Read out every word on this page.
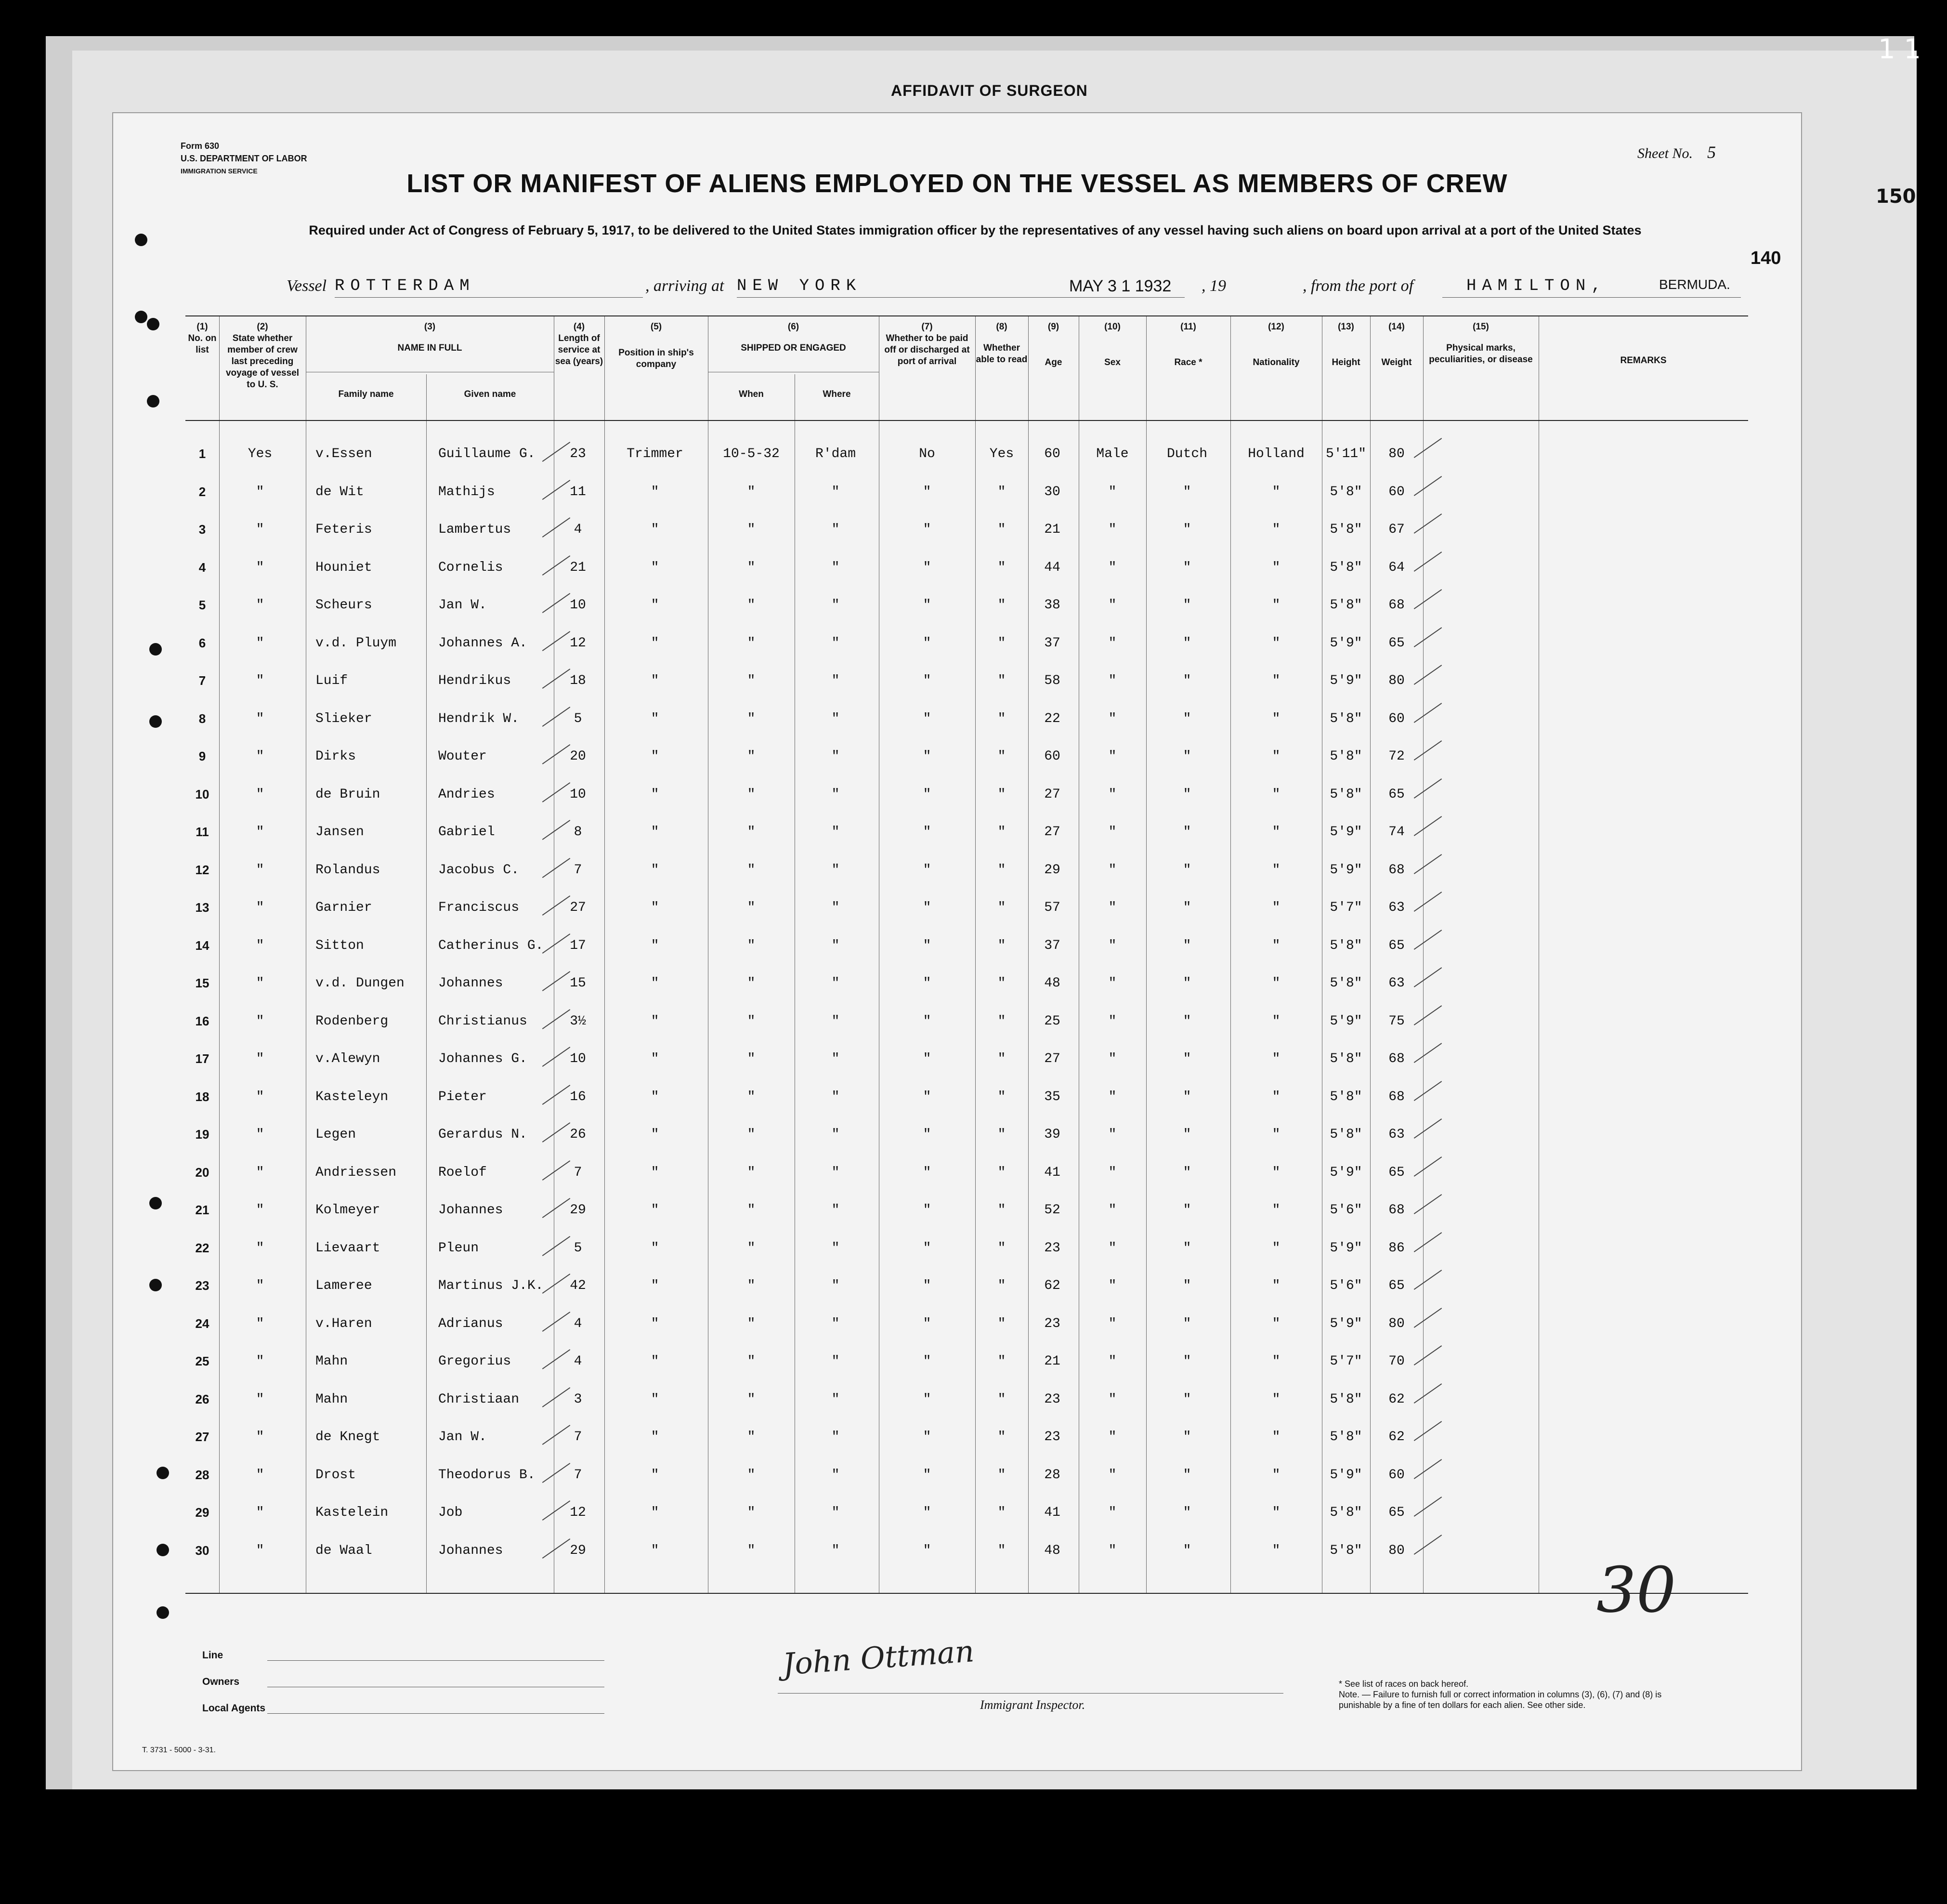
AFFIDAVIT OF SURGEON
1 1
150
Form 630
U.S. DEPARTMENT OF LABOR
IMMIGRATION SERVICE
Sheet No. 5
LIST OR MANIFEST OF ALIENS EMPLOYED ON THE VESSEL AS MEMBERS OF CREW
Required under Act of Congress of February 5, 1917, to be delivered to the United States immigration officer by the representatives of any vessel having such aliens on board upon arrival at a port of the United States
140
Vessel ROTTERDAM	, arriving at NEW YORK	MAY 3 1 1932 , 19	, from the port of	HAMILTON,	BERMUDA.
(1)
No. on list
(2)
State whether member of crew last preceding voyage of vessel to U. S.
(3)
NAME IN FULL
Family name	Given name
(4)
Length of service at sea (years)
(5)
Position in ship's company
(6)
SHIPPED OR ENGAGED
When	Where
(7)
Whether to be paid off or discharged at port of arrival
(8)
Whether able to read
(9)
Age
(10)
Sex
(11)
Race *
(12)
Nationality
(13)
Height
(14)
Weight
(15)
Physical marks, peculiarities, or disease	REMARKS
1	Yes	v.Essen	Guillaume G.	23	Trimmer	10-5-32	R'dam	No	Yes 60	Male	Dutch	Holland 5'11" 80
2	"	de Wit	Mathijs	11	"	"	"	"	"	30	"	"	"	5'8" 60
3	"	Feteris	Lambertus	4	"	"	"	"	"	21	"	"	"	5'8" 67
4	"	Houniet	Cornelis	21	"	"	"	"	"	44	"	"	"	5'8" 64
5	"	Scheurs	Jan W.	10	"	"	"	"	"	38	"	"	"	5'8" 68
6	"	v.d. Pluym	Johannes A.	12	"	"	"	"	"	37	"	"	"	5'9" 65
7	"	Luif	Hendrikus	18	"	"	"	"	"	58	"	"	"	5'9" 80
8	"	Slieker	Hendrik W.	5	"	"	"	"	"	22	"	"	"	5'8" 60
9	"	Dirks	Wouter	20	"	"	"	"	"	60	"	"	"	5'8" 72
10	"	de Bruin	Andries	10	"	"	"	"	"	27	"	"	"	5'8" 65
11	"	Jansen	Gabriel	8	"	"	"	"	"	27	"	"	"	5'9" 74
12	"	Rolandus	Jacobus C.	7	"	"	"	"	"	29	"	"	"	5'9" 68
13	"	Garnier	Franciscus	27	"	"	"	"	"	57	"	"	"	5'7" 63
14	"	Sitton	Catherinus G. 17	"	"	"	"	"	37	"	"	"	5'8" 65
15	"	v.d. Dungen	Johannes	15	"	"	"	"	"	48	"	"	"	5'8" 63
16	"	Rodenberg	Christianus	3½	"	"	"	"	"	25	"	"	"	5'9" 75
17	"	v.Alewyn	Johannes G.	10	"	"	"	"	"	27	"	"	"	5'8" 68
18	"	Kasteleyn	Pieter	16	"	"	"	"	"	35	"	"	"	5'8" 68
19	"	Legen	Gerardus N.	26	"	"	"	"	"	39	"	"	"	5'8" 63
20	"	Andriessen	Roelof	7	"	"	"	"	"	41	"	"	"	5'9" 65
21	"	Kolmeyer	Johannes	29	"	"	"	"	"	52	"	"	"	5'6" 68
22	"	Lievaart	Pleun	5	"	"	"	"	"	23	"	"	"	5'9" 86
23	"	Lameree	Martinus J.K. 42	"	"	"	"	"	62	"	"	"	5'6" 65
24	"	v.Haren	Adrianus	4	"	"	"	"	"	23	"	"	"	5'9" 80
25	"	Mahn	Gregorius	4	"	"	"	"	"	21	"	"	"	5'7" 70
26	"	Mahn	Christiaan	3	"	"	"	"	"	23	"	"	"	5'8" 62
27	"	de Knegt	Jan W.	7	"	"	"	"	"	23	"	"	"	5'8" 62
28	"	Drost	Theodorus B.	7	"	"	"	"	"	28	"	"	"	5'9" 60
29	"	Kastelein	Job	12	"	"	"	"	"	41	"	"	"	5'8" 65
30	"	de Waal	Johannes	29	"	"	"	"	"	48	"	"	"	5'8" 80
Line
Owners
Local Agents
John Ottman
Immigrant Inspector.
* See list of races on back hereof.
Note. — Failure to furnish full or correct information in columns (3), (6), (7) and (8) is punishable by a fine of ten dollars for each alien. See other side.
T. 3731 - 5000 - 3-31.
30
